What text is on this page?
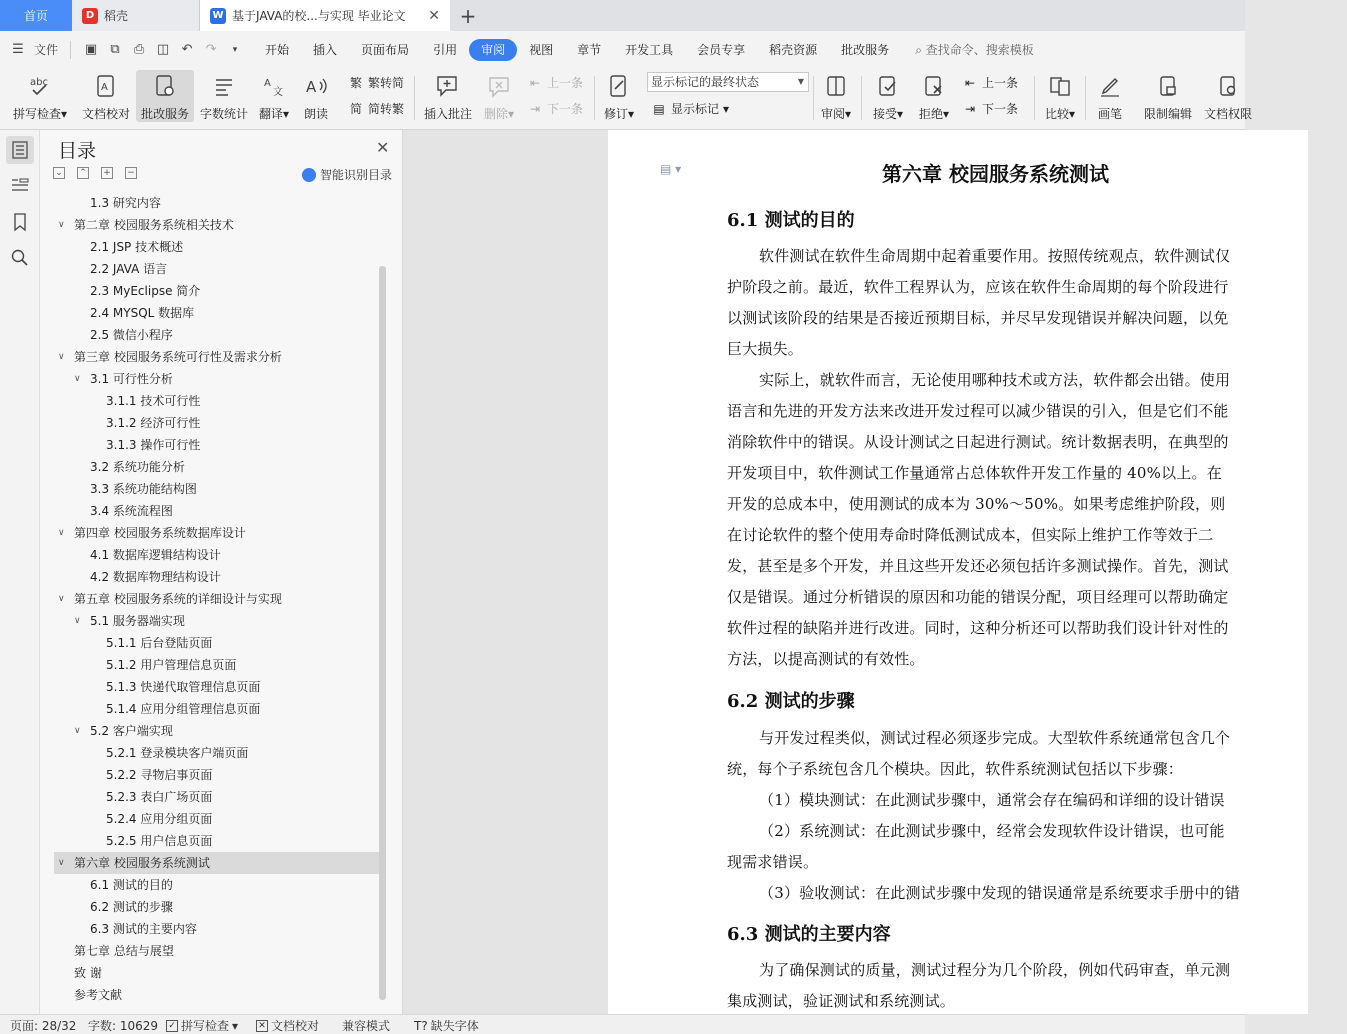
首页	D 稻壳	W 基于JAVA的校...与实现 毕业论文 ✕ +
☰ 文件 ▣ ⧉ ⎙ ◫ ↶ ↷	▾	开始	插入	页面布局	引用	审阅	视图	章节	开发工具	会员专享	稻壳资源	批改服务	⌕ 查找命令、搜索模板
abc
拼写检查▾
A
文档校对 批改服务 字数统计
A
文
翻译▾
A
朗读
繁 繁转简
简 简转繁 插入批注 删除▾
⇤ 上一条
⇥ 下一条 修订▾
显示标记的最终状态	▼
▤ 显示标记 ▾	审阅▾ 接受▾ 拒绝▾
⇤ 上一条
⇥ 下一条 比较▾ 画笔 限制编辑 文档权限
目录	✕
⌄ ⌃ + −	智能识别目录
1.3 研究内容
∨ 第二章 校园服务系统相关技术
2.1 JSP 技术概述
2.2 JAVA 语言
2.3 MyEclipse 简介
2.4 MYSQL 数据库
2.5 微信小程序
∨ 第三章 校园服务系统可行性及需求分析
∨ 3.1 可行性分析
3.1.1 技术可行性
3.1.2 经济可行性
3.1.3 操作可行性
3.2 系统功能分析
3.3 系统功能结构图
3.4 系统流程图
∨ 第四章 校园服务系统数据库设计
4.1 数据库逻辑结构设计
4.2 数据库物理结构设计
∨ 第五章 校园服务系统的详细设计与实现
∨ 5.1 服务器端实现
5.1.1 后台登陆页面
5.1.2 用户管理信息页面
5.1.3 快递代取管理信息页面
5.1.4 应用分组管理信息页面
∨ 5.2 客户端实现
5.2.1 登录模块客户端页面
5.2.2 寻物启事页面
5.2.3 表白广场页面
5.2.4 应用分组页面
5.2.5 用户信息页面
∨ 第六章 校园服务系统测试
6.1 测试的目的
6.2 测试的步骤
6.3 测试的主要内容
第七章 总结与展望
致 谢
参考文献
▤ ▾	第六章 校园服务系统测试
6.1 测试的目的
软件测试在软件生命周期中起着重要作用。按照传统观点，软件测试仅
护阶段之前。最近，软件工程界认为，应该在软件生命周期的每个阶段进行
以测试该阶段的结果是否接近预期目标，并尽早发现错误并解决问题，以免
巨大损失。
实际上，就软件而言，无论使用哪种技术或方法，软件都会出错。使用
语言和先进的开发方法来改进开发过程可以减少错误的引入，但是它们不能
消除软件中的错误。从设计测试之日起进行测试。统计数据表明，在典型的
开发项目中，软件测试工作量通常占总体软件开发工作量的 40%以上。在
开发的总成本中，使用测试的成本为 30%～50%。如果考虑维护阶段，则
在讨论软件的整个使用寿命时降低测试成本，但实际上维护工作等效于二
发，甚至是多个开发，并且这些开发还必须包括许多测试操作。首先，测试
仅是错误。通过分析错误的原因和功能的错误分配，项目经理可以帮助确定
软件过程的缺陷并进行改进。同时，这种分析还可以帮助我们设计针对性的
方法，以提高测试的有效性。
6.2 测试的步骤
与开发过程类似，测试过程必须逐步完成。大型软件系统通常包含几个
统，每个子系统包含几个模块。因此，软件系统测试包括以下步骤：
（1）模块测试：在此测试步骤中，通常会存在编码和详细的设计错误
（2）系统测试：在此测试步骤中，经常会发现软件设计错误，也可能
现需求错误。
（3）验收测试：在此测试步骤中发现的错误通常是系统要求手册中的错
6.3 测试的主要内容
为了确保测试的质量，测试过程分为几个阶段，例如代码审查，单元测
集成测试，验证测试和系统测试。
页面: 28/32 字数: 10629 ✓ 拼写检查 ▾ ✕ 文档校对 兼容模式 T? 缺失字体
